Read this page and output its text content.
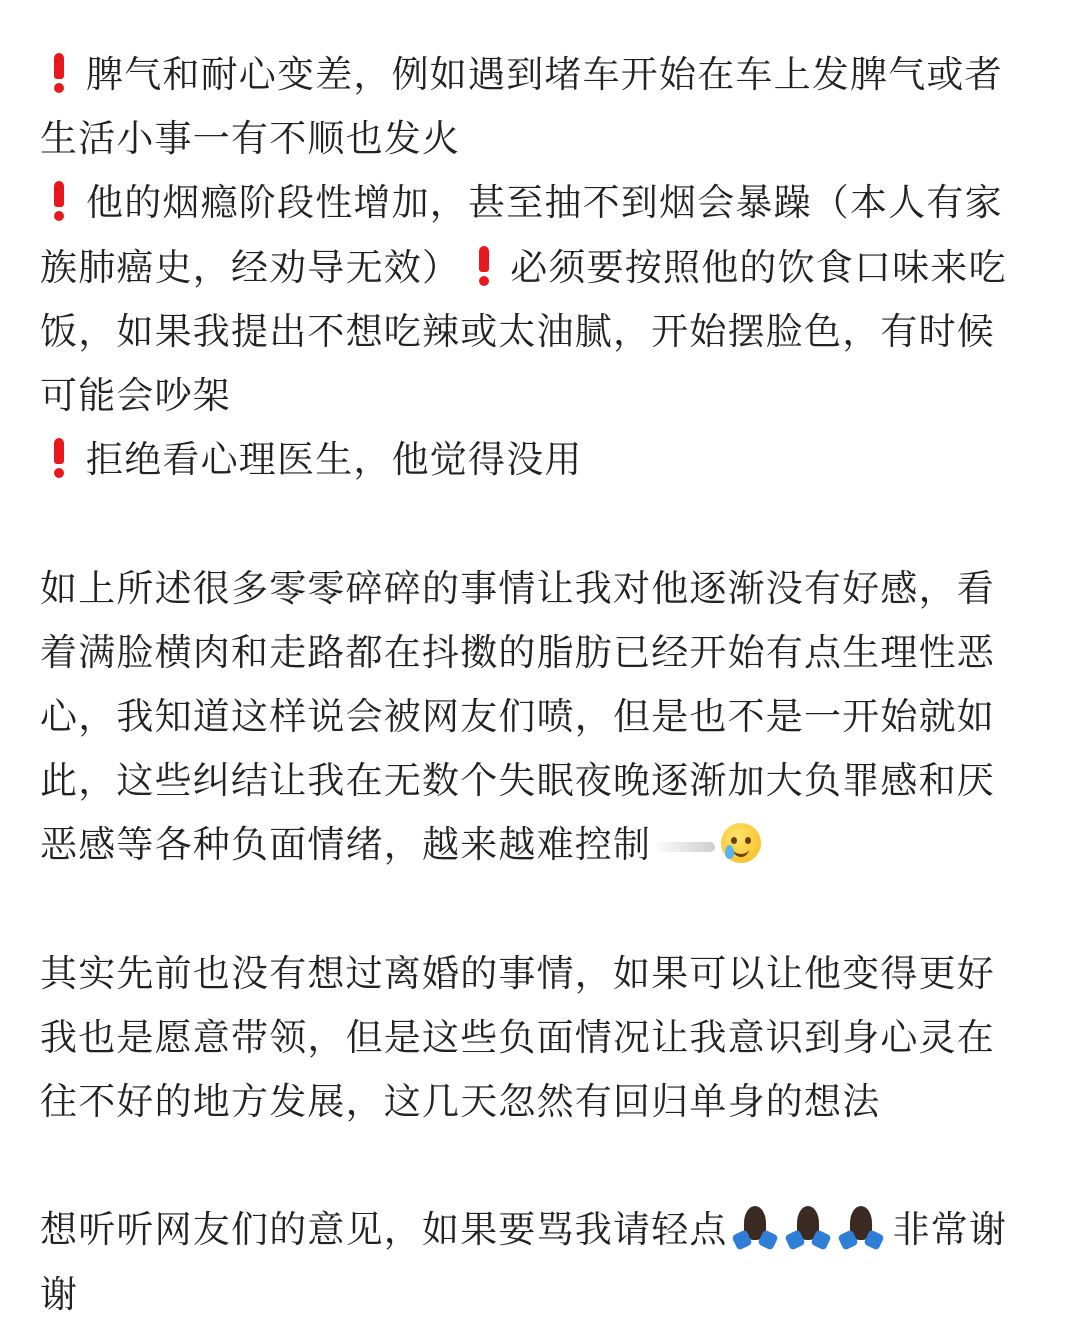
脾气和耐心变差，例如遇到堵车开始在车上发脾气或者
生活小事一有不顺也发火
他的烟瘾阶段性增加，甚至抽不到烟会暴躁（本人有家
族肺癌史，经劝导无效） 必须要按照他的饮食口味来吃
饭，如果我提出不想吃辣或太油腻，开始摆脸色，有时候
可能会吵架
拒绝看心理医生，他觉得没用
如上所述很多零零碎碎的事情让我对他逐渐没有好感，看
着满脸横肉和走路都在抖擞的脂肪已经开始有点生理性恶
心，我知道这样说会被网友们喷，但是也不是一开始就如
此，这些纠结让我在无数个失眠夜晚逐渐加大负罪感和厌
恶感等各种负面情绪，越来越难控制
其实先前也没有想过离婚的事情，如果可以让他变得更好
我也是愿意带领，但是这些负面情况让我意识到身心灵在
往不好的地方发展，这几天忽然有回归单身的想法
想听听网友们的意见，如果要骂我请轻点	非常谢
谢
